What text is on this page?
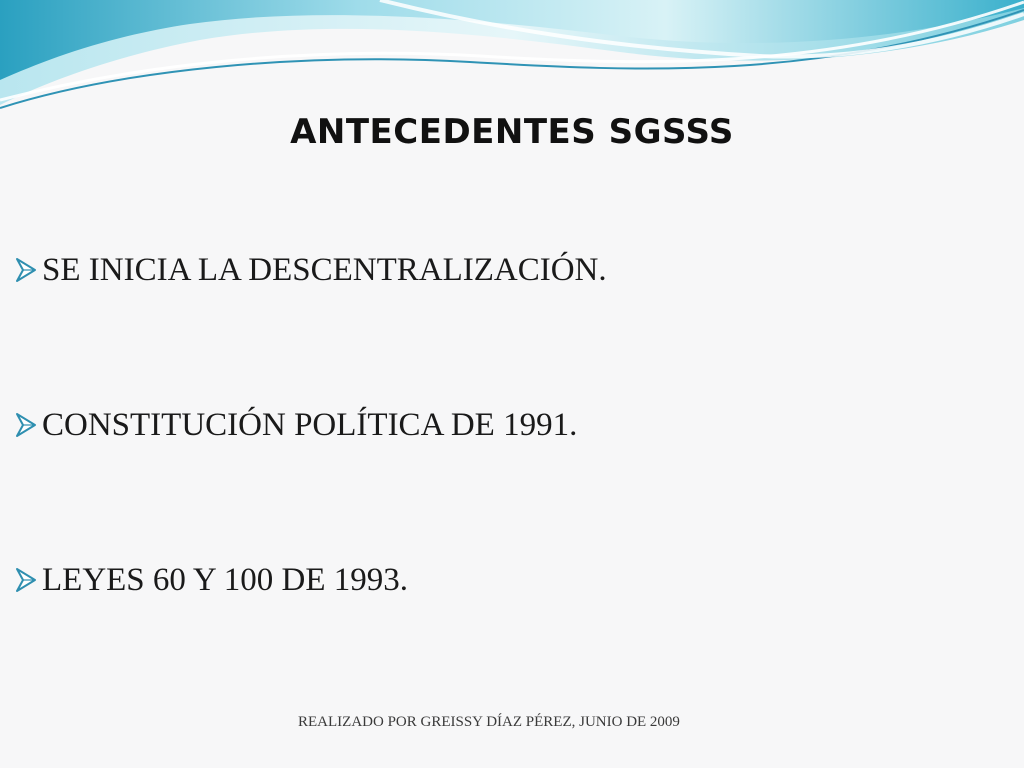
ANTECEDENTES SGSSS
SE INICIA LA DESCENTRALIZACIÓN.
CONSTITUCIÓN POLÍTICA DE 1991.
LEYES 60 Y 100 DE 1993.
REALIZADO POR GREISSY DÍAZ PÉREZ, JUNIO DE 2009
